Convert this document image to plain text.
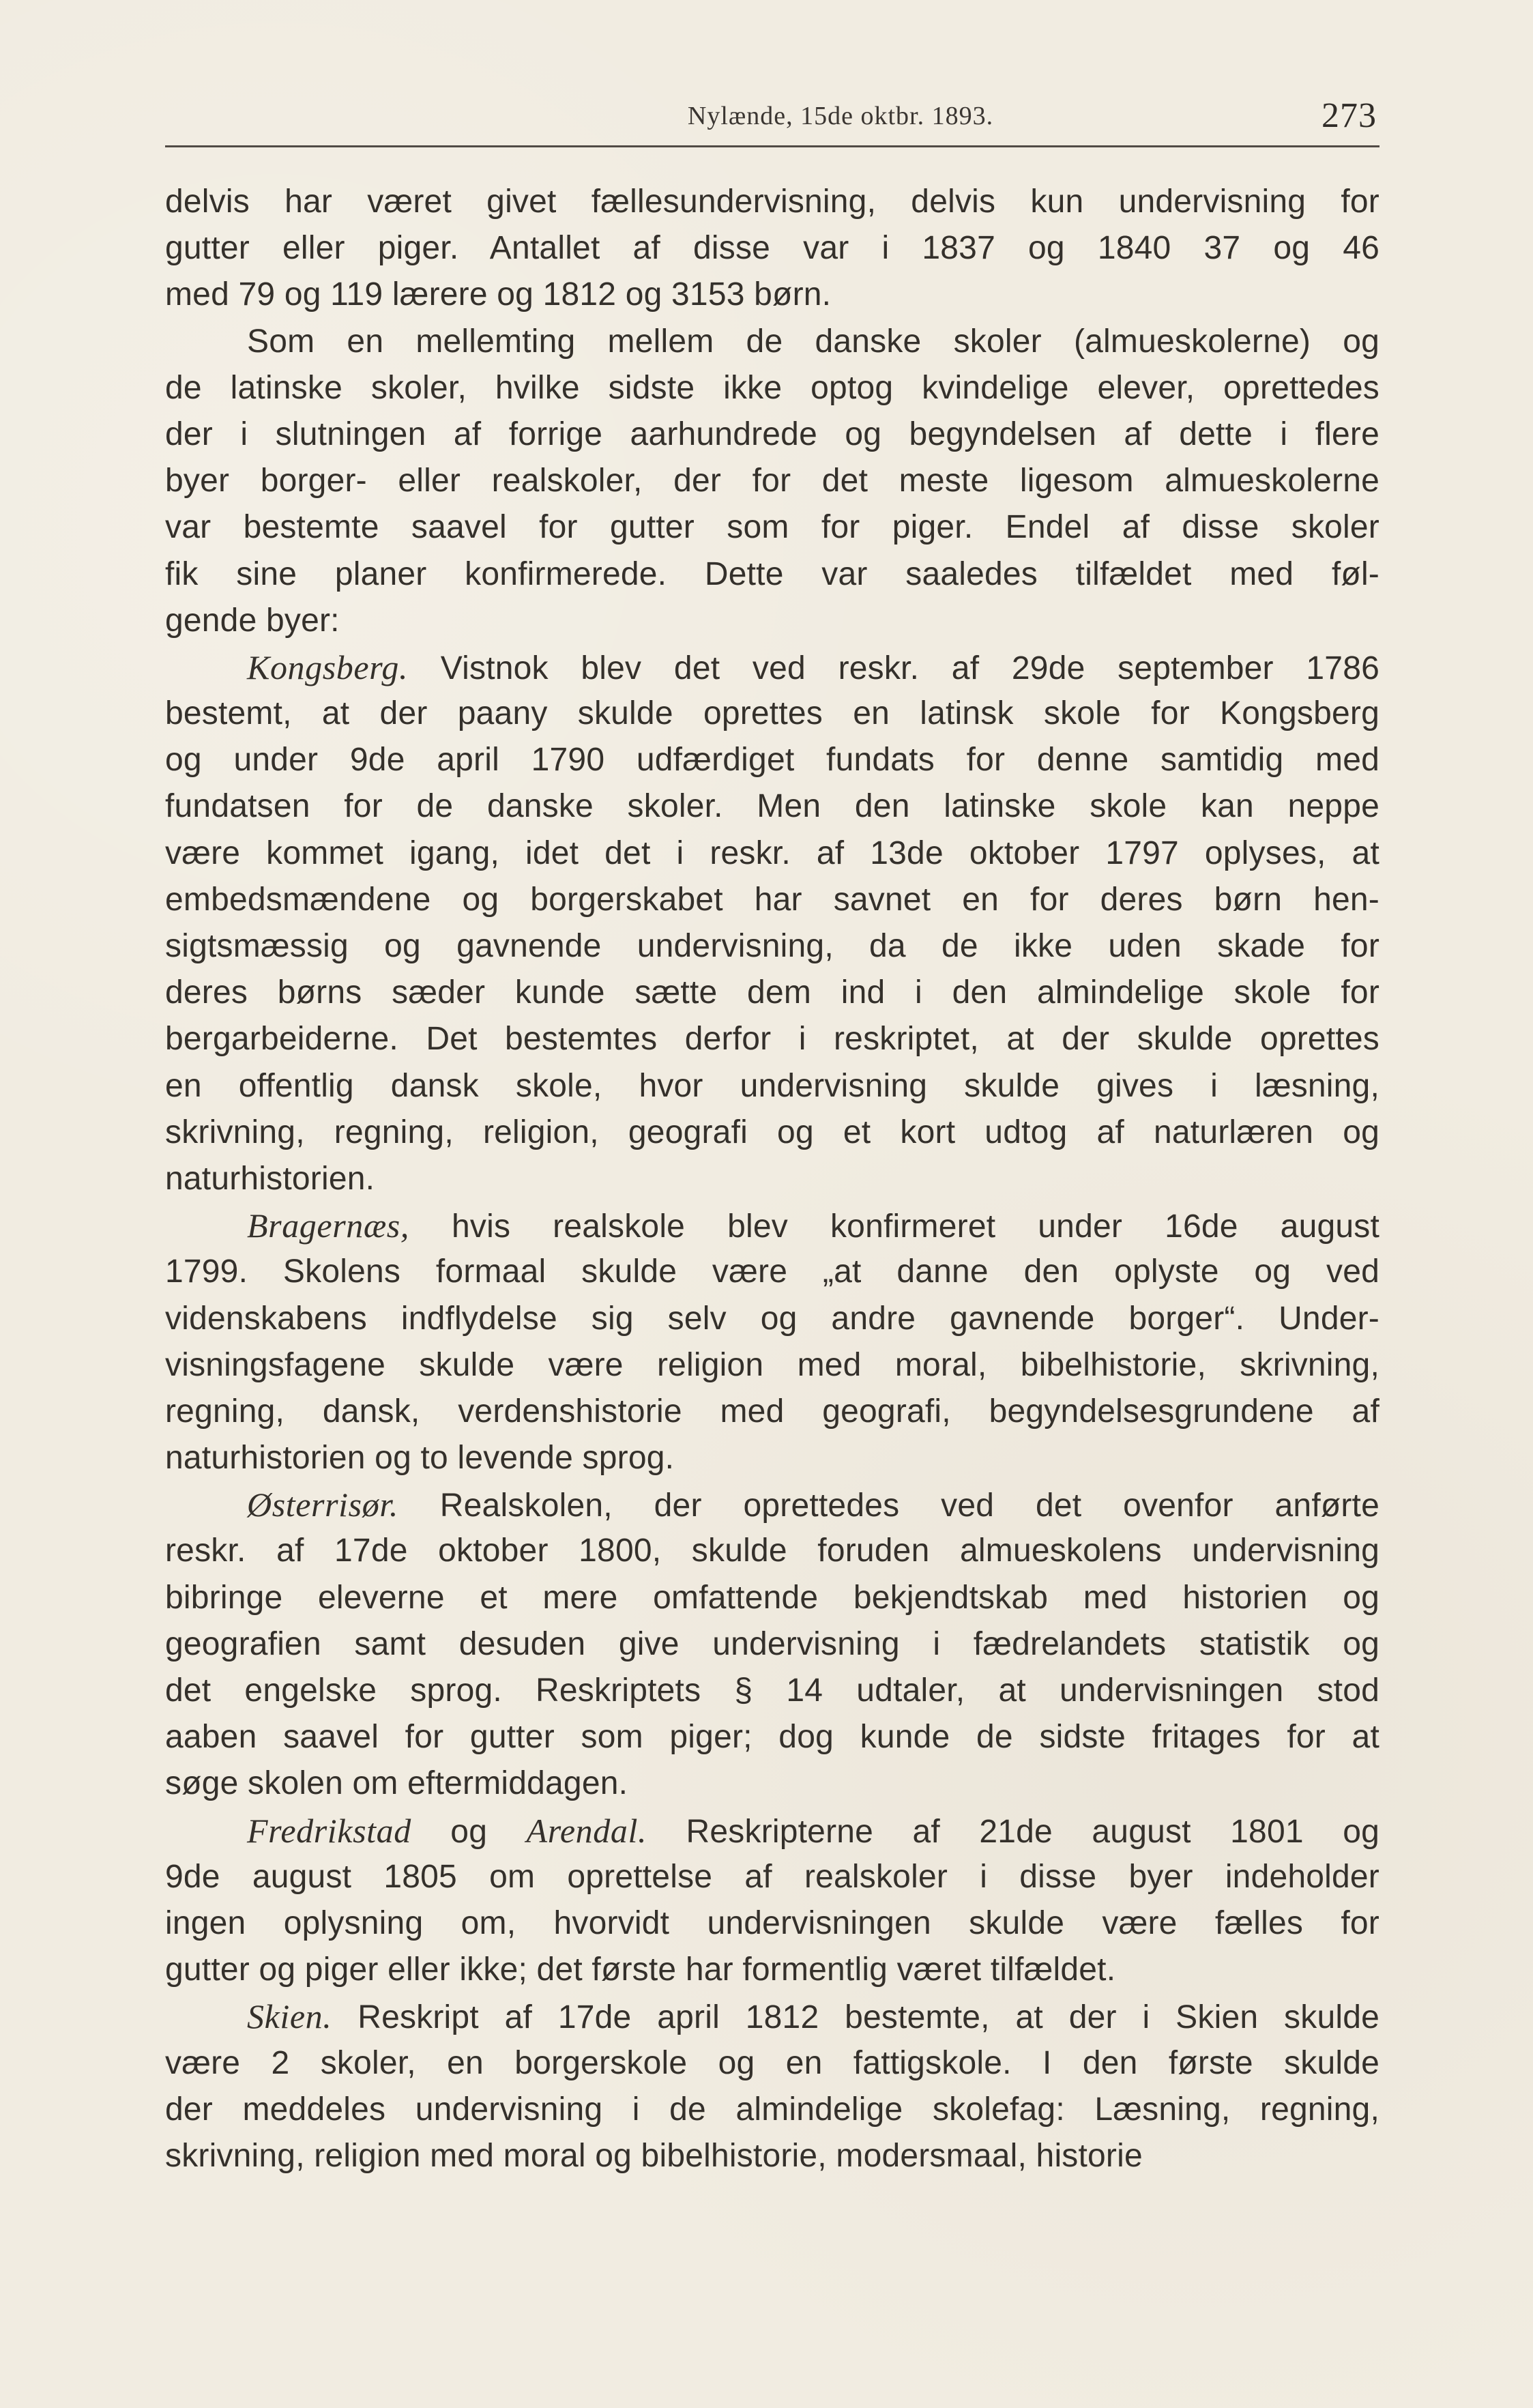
Nylænde, 15de oktbr. 1893.	273
delvis har været givet fællesundervisning, delvis kun undervisning for
gutter eller piger. Antallet af disse var i 1837 og 1840 37 og 46
med 79 og 119 lærere og 1812 og 3153 børn.
Som en mellemting mellem de danske skoler (almueskolerne) og
de latinske skoler, hvilke sidste ikke optog kvindelige elever, oprettedes
der i slutningen af forrige aarhundrede og begyndelsen af dette i flere
byer borger- eller realskoler, der for det meste ligesom almueskolerne
var bestemte saavel for gutter som for piger. Endel af disse skoler
fik sine planer konfirmerede. Dette var saaledes tilfældet med føl-
gende byer:
Kongsberg. Vistnok blev det ved reskr. af 29de september 1786
bestemt, at der paany skulde oprettes en latinsk skole for Kongsberg
og under 9de april 1790 udfærdiget fundats for denne samtidig med
fundatsen for de danske skoler. Men den latinske skole kan neppe
være kommet igang, idet det i reskr. af 13de oktober 1797 oplyses, at
embedsmændene og borgerskabet har savnet en for deres børn hen-
sigtsmæssig og gavnende undervisning, da de ikke uden skade for
deres børns sæder kunde sætte dem ind i den almindelige skole for
bergarbeiderne. Det bestemtes derfor i reskriptet, at der skulde oprettes
en offentlig dansk skole, hvor undervisning skulde gives i læsning,
skrivning, regning, religion, geografi og et kort udtog af naturlæren og
naturhistorien.
Bragernæs, hvis realskole blev konfirmeret under 16de august
1799. Skolens formaal skulde være „at danne den oplyste og ved
videnskabens indflydelse sig selv og andre gavnende borger“. Under-
visningsfagene skulde være religion med moral, bibelhistorie, skrivning,
regning, dansk, verdenshistorie med geografi, begyndelsesgrundene af
naturhistorien og to levende sprog.
Østerrisør. Realskolen, der oprettedes ved det ovenfor anførte
reskr. af 17de oktober 1800, skulde foruden almueskolens undervisning
bibringe eleverne et mere omfattende bekjendtskab med historien og
geografien samt desuden give undervisning i fædrelandets statistik og
det engelske sprog. Reskriptets § 14 udtaler, at undervisningen stod
aaben saavel for gutter som piger; dog kunde de sidste fritages for at
søge skolen om eftermiddagen.
Fredrikstad og Arendal. Reskripterne af 21de august 1801 og
9de august 1805 om oprettelse af realskoler i disse byer indeholder
ingen oplysning om, hvorvidt undervisningen skulde være fælles for
gutter og piger eller ikke; det første har formentlig været tilfældet.
Skien. Reskript af 17de april 1812 bestemte, at der i Skien skulde
være 2 skoler, en borgerskole og en fattigskole. I den første skulde
der meddeles undervisning i de almindelige skolefag: Læsning, regning,
skrivning, religion med moral og bibelhistorie, modersmaal, historie
